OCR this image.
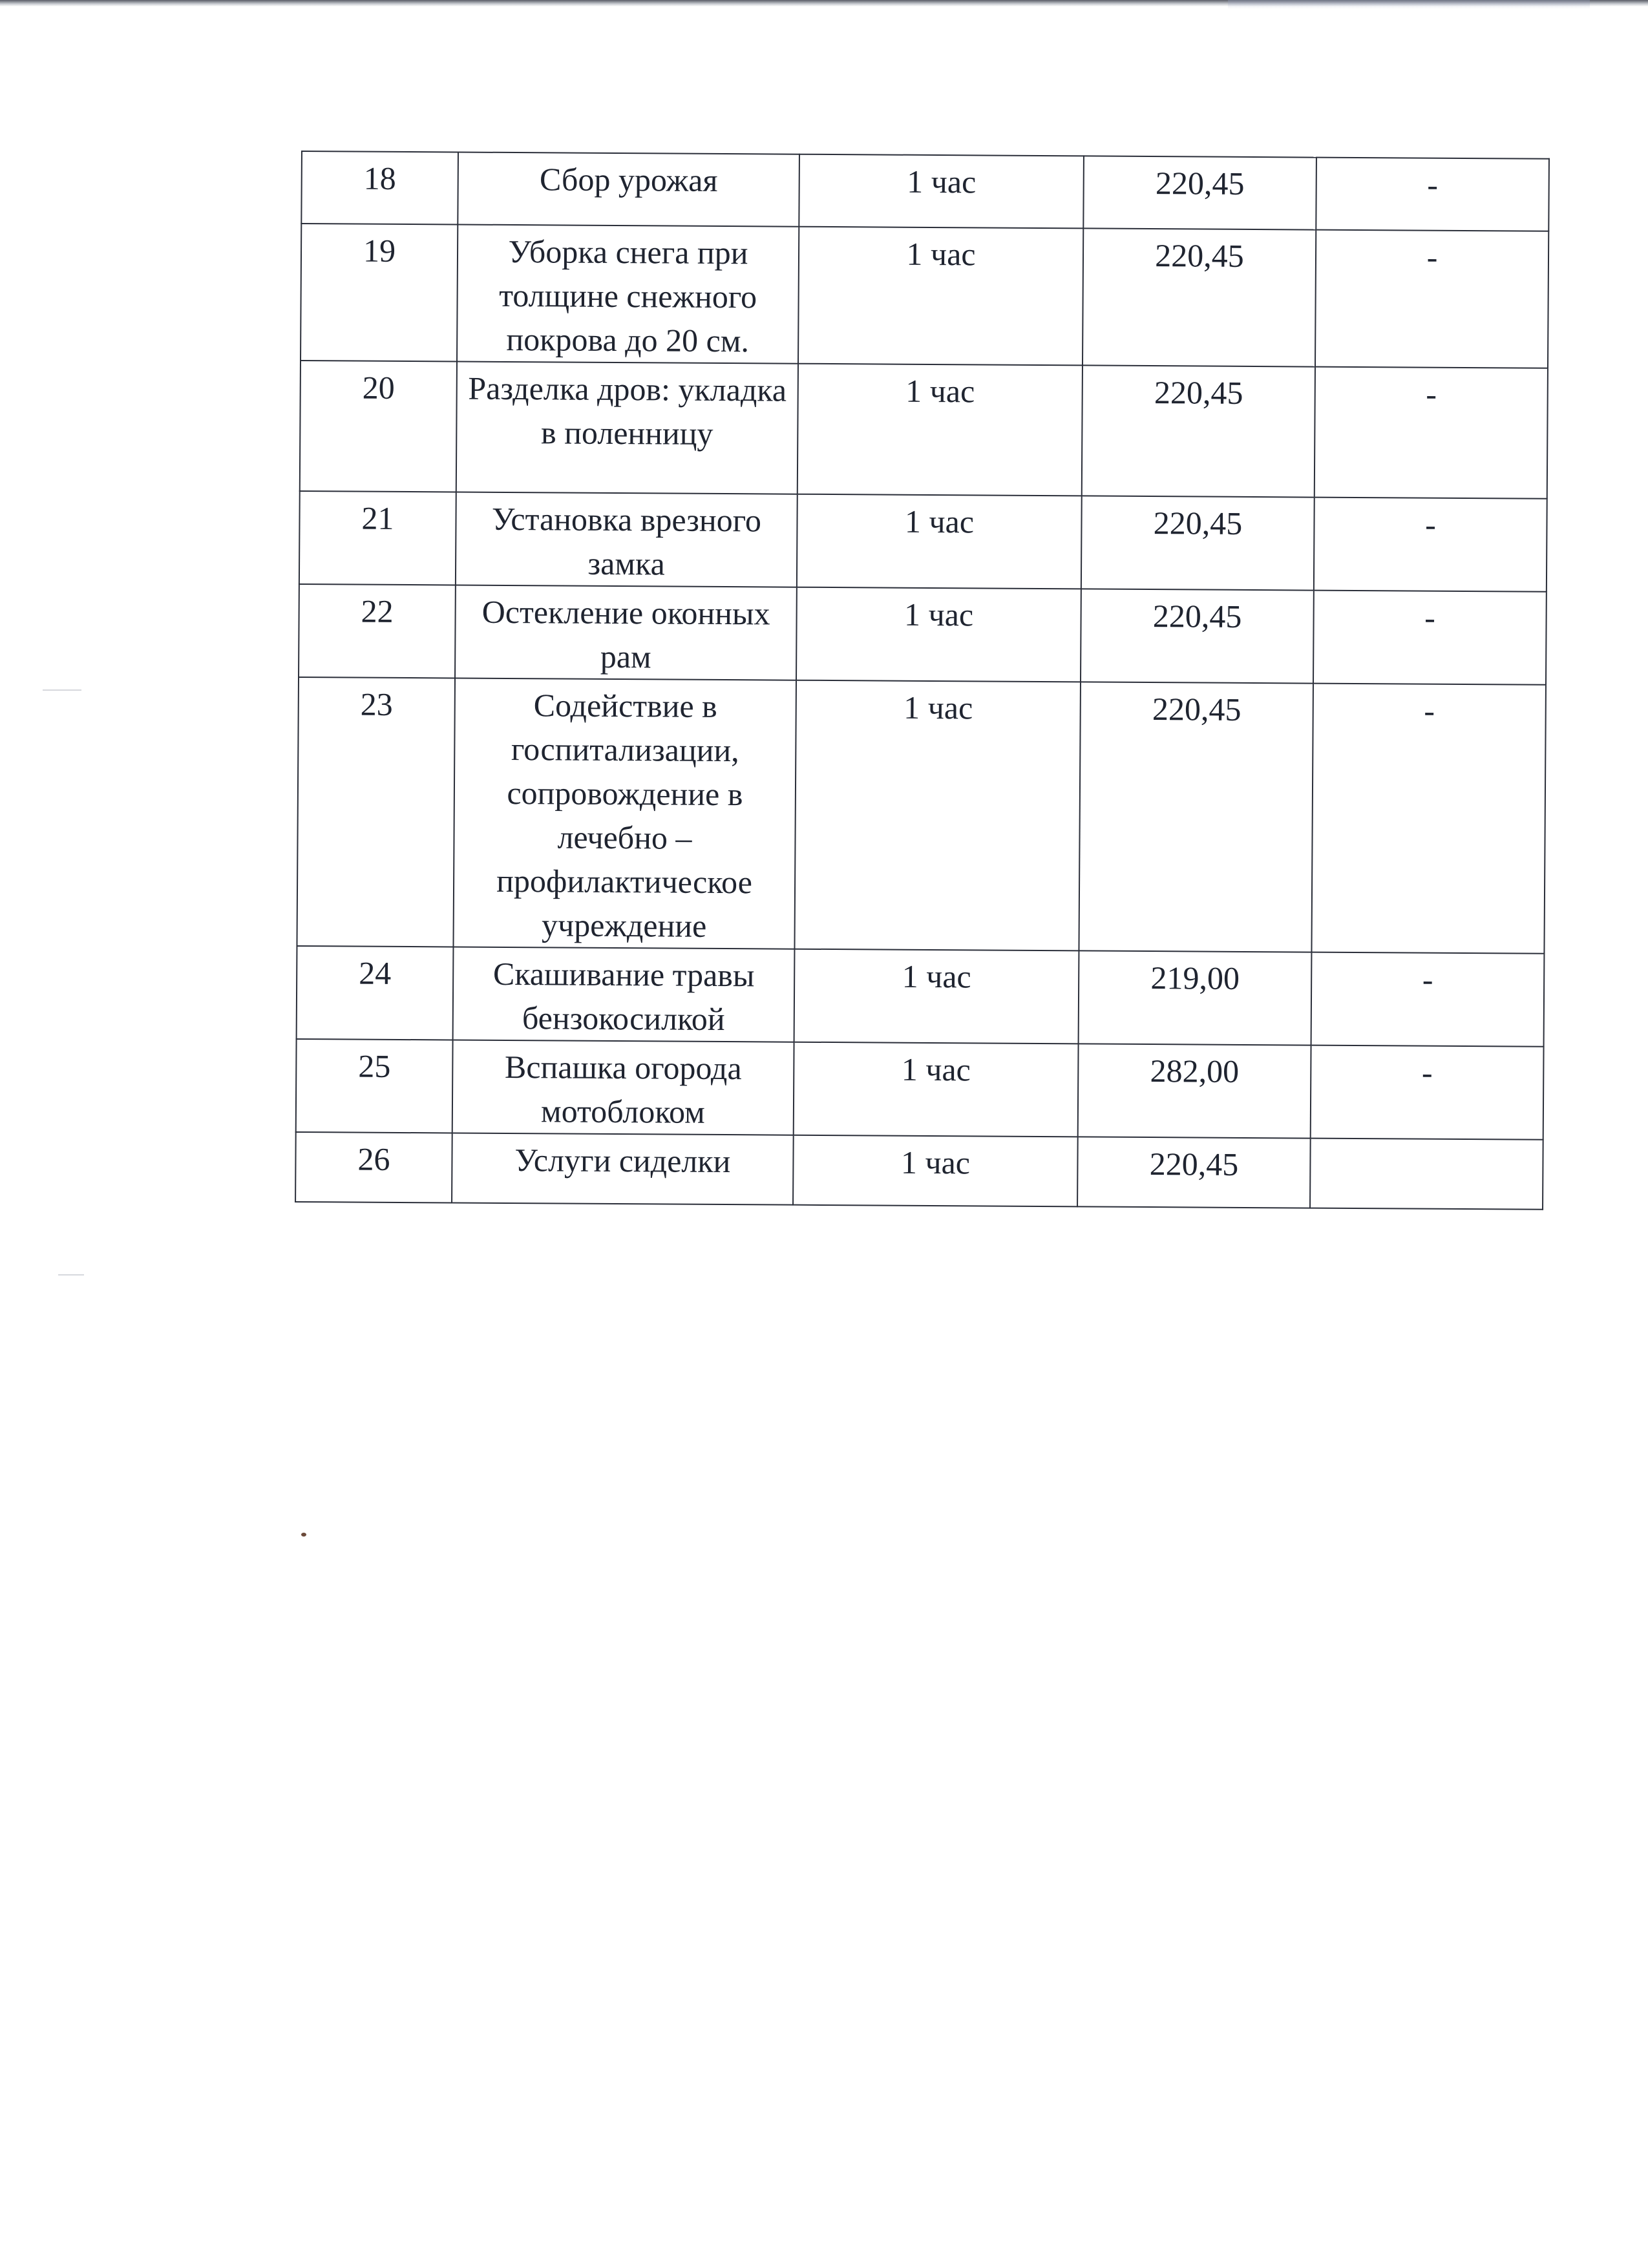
18	Сбор урожая	1 час	220,45	-
19	Уборка снега при толщине снежного покрова до 20 см.	1 час	220,45	-
20	Разделка дров: укладка в поленницу	1 час	220,45	-
21	Установка врезного замка	1 час	220,45	-
22	Остекление оконных рам	1 час	220,45	-
23	Содействие в госпитализации, сопровождение в лечебно – профилактическое учреждение	1 час	220,45	-
24	Скашивание травы бензокосилкой	1 час	219,00	-
25	Вспашка огорода мотоблоком	1 час	282,00	-
26	Услуги сиделки	1 час	220,45	
